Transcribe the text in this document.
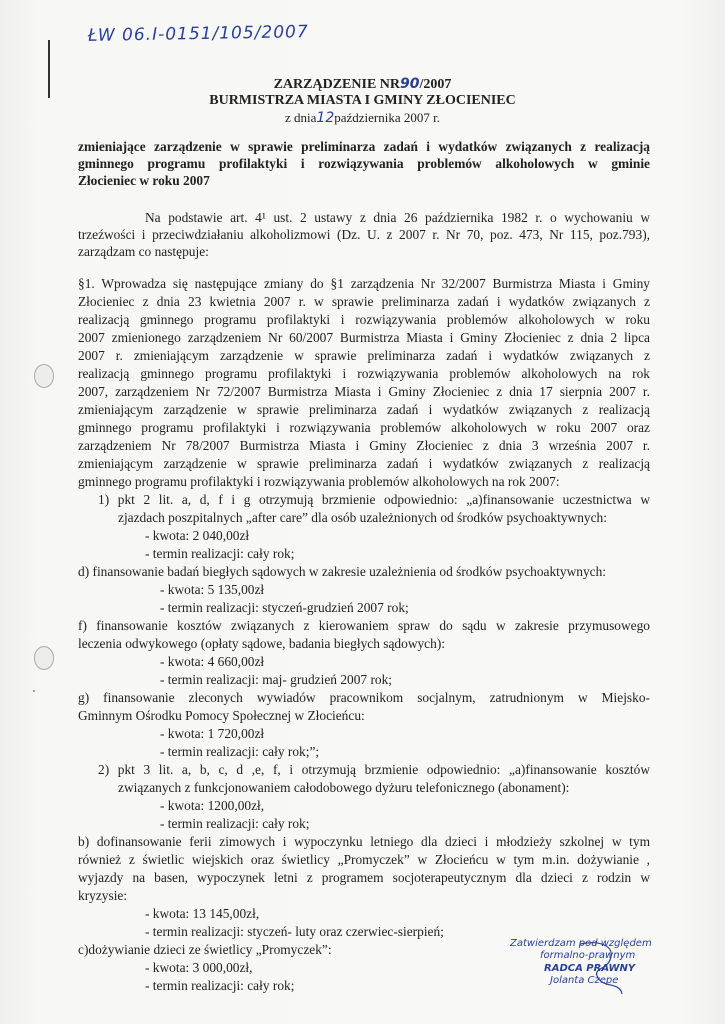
ŁW 06.I-0151/105/2007
ZARZĄDZENIE NR90/2007
BURMISTRZA MIASTA I GMINY ZŁOCIENIEC
z dnia12października 2007 r.
zmieniające zarządzenie w sprawie preliminarza zadań i wydatków związanych z realizacją
gminnego programu profilaktyki i rozwiązywania problemów alkoholowych w gminie
Złocieniec w roku 2007
Na podstawie art. 4¹ ust. 2 ustawy z dnia 26 października 1982 r. o wychowaniu w
trzeźwości i przeciwdziałaniu alkoholizmowi (Dz. U. z 2007 r. Nr 70, poz. 473, Nr 115, poz.793),
zarządzam co następuje:
§1. Wprowadza się następujące zmiany do §1 zarządzenia Nr 32/2007 Burmistrza Miasta i Gminy
Złocieniec z dnia 23 kwietnia 2007 r. w sprawie preliminarza zadań i wydatków związanych z
realizacją gminnego programu profilaktyki i rozwiązywania problemów alkoholowych w roku
2007 zmienionego zarządzeniem Nr 60/2007 Burmistrza Miasta i Gminy Złocieniec z dnia 2 lipca
2007 r. zmieniającym zarządzenie w sprawie preliminarza zadań i wydatków związanych z
realizacją gminnego programu profilaktyki i rozwiązywania problemów alkoholowych na rok
2007, zarządzeniem Nr 72/2007 Burmistrza Miasta i Gminy Złocieniec z dnia 17 sierpnia 2007 r.
zmieniającym zarządzenie w sprawie preliminarza zadań i wydatków związanych z realizacją
gminnego programu profilaktyki i rozwiązywania problemów alkoholowych w roku 2007 oraz
zarządzeniem Nr 78/2007 Burmistrza Miasta i Gminy Złocieniec z dnia 3 września 2007 r.
zmieniającym zarządzenie w sprawie preliminarza zadań i wydatków związanych z realizacją
gminnego programu profilaktyki i rozwiązywania problemów alkoholowych na rok 2007:
1) pkt 2 lit. a, d, f i g otrzymują brzmienie odpowiednio: „a)finansowanie uczestnictwa w
zjazdach poszpitalnych „after care” dla osób uzależnionych od środków psychoaktywnych:
- kwota: 2 040,00zł
- termin realizacji: cały rok;
d) finansowanie badań biegłych sądowych w zakresie uzależnienia od środków psychoaktywnych:
- kwota: 5 135,00zł
- termin realizacji: styczeń-grudzień 2007 rok;
f) finansowanie kosztów związanych z kierowaniem spraw do sądu w zakresie przymusowego
leczenia odwykowego (opłaty sądowe, badania biegłych sądowych):
- kwota: 4 660,00zł
- termin realizacji: maj- grudzień 2007 rok;
g) finansowanie zleconych wywiadów pracownikom socjalnym, zatrudnionym w Miejsko-
Gminnym Ośrodku Pomocy Społecznej w Złocieńcu:
- kwota: 1 720,00zł
- termin realizacji: cały rok;”;
2) pkt 3 lit. a, b, c, d ,e, f, i otrzymują brzmienie odpowiednio: „a)finansowanie kosztów
związanych z funkcjonowaniem całodobowego dyżuru telefonicznego (abonament):
- kwota: 1200,00zł,
- termin realizacji: cały rok;
b) dofinansowanie ferii zimowych i wypoczynku letniego dla dzieci i młodzieży szkolnej w tym
również z świetlic wiejskich oraz świetlicy „Promyczek” w Złocieńcu w tym m.in. dożywianie ,
wyjazdy na basen, wypoczynek letni z programem socjoterapeutycznym dla dzieci z rodzin w
kryzysie:
- kwota: 13 145,00zł,
- termin realizacji: styczeń- luty oraz czerwiec-sierpień;
c)dożywianie dzieci ze świetlicy „Promyczek”:
- kwota: 3 000,00zł,
- termin realizacji: cały rok;
Zatwierdzam pod względem
formalno-prawnym
RADCA PRAWNY
Jolanta Czepe
